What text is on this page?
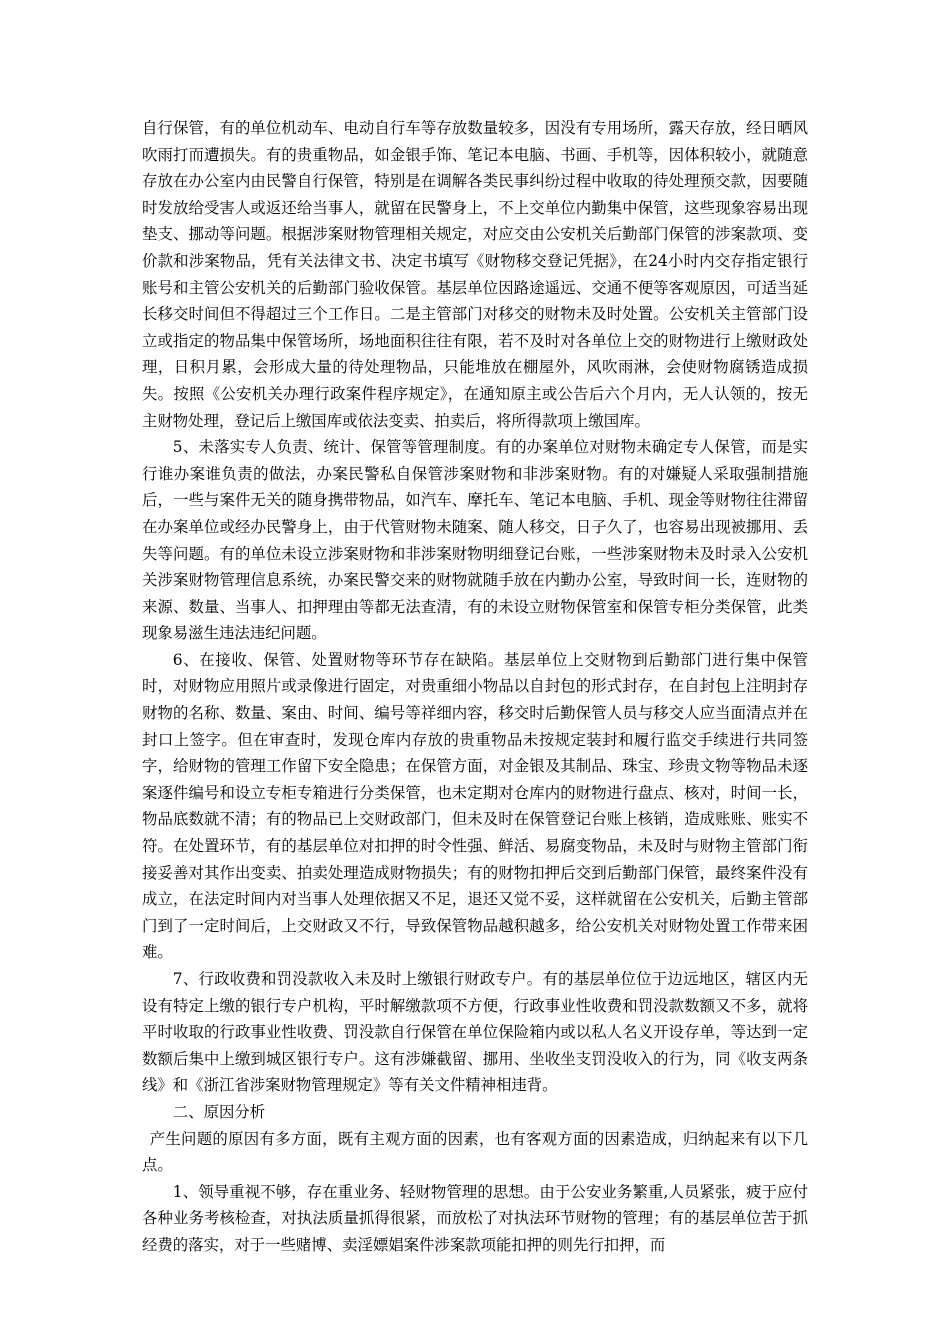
自行保管，有的单位机动车、电动自行车等存放数量较多，因没有专用场所，露天存放，经日晒风吹雨打而遭损失。有的贵重物品，如金银手饰、笔记本电脑、书画、手机等，因体积较小，就随意存放在办公室内由民警自行保管，特别是在调解各类民事纠纷过程中收取的待处理预交款，因要随时发放给受害人或返还给当事人，就留在民警身上，不上交单位内勤集中保管，这些现象容易出现垫支、挪动等问题。根据涉案财物管理相关规定，对应交由公安机关后勤部门保管的涉案款项、变价款和涉案物品，凭有关法律文书、决定书填写《财物移交登记凭据》，在24小时内交存指定银行账号和主管公安机关的后勤部门验收保管。基层单位因路途遥远、交通不便等客观原因，可适当延长移交时间但不得超过三个工作日。二是主管部门对移交的财物未及时处置。公安机关主管部门设立或指定的物品集中保管场所，场地面积往往有限，若不及时对各单位上交的财物进行上缴财政处理，日积月累，会形成大量的待处理物品，只能堆放在棚屋外，风吹雨淋，会使财物腐锈造成损失。按照《公安机关办理行政案件程序规定》，在通知原主或公告后六个月内，无人认领的，按无主财物处理，登记后上缴国库或依法变卖、拍卖后，将所得款项上缴国库。

5、未落实专人负责、统计、保管等管理制度。有的办案单位对财物未确定专人保管，而是实行谁办案谁负责的做法，办案民警私自保管涉案财物和非涉案财物。有的对嫌疑人采取强制措施后，一些与案件无关的随身携带物品，如汽车、摩托车、笔记本电脑、手机、现金等财物往往滞留在办案单位或经办民警身上，由于代管财物未随案、随人移交，日子久了，也容易出现被挪用、丢失等问题。有的单位未设立涉案财物和非涉案财物明细登记台账，一些涉案财物未及时录入公安机关涉案财物管理信息系统，办案民警交来的财物就随手放在内勤办公室，导致时间一长，连财物的来源、数量、当事人、扣押理由等都无法查清，有的未设立财物保管室和保管专柜分类保管，此类现象易滋生违法违纪问题。

6、在接收、保管、处置财物等环节存在缺陷。基层单位上交财物到后勤部门进行集中保管时，对财物应用照片或录像进行固定，对贵重细小物品以自封包的形式封存，在自封包上注明封存财物的名称、数量、案由、时间、编号等祥细内容，移交时后勤保管人员与移交人应当面清点并在封口上签字。但在审查时，发现仓库内存放的贵重物品未按规定装封和履行监交手续进行共同签字，给财物的管理工作留下安全隐患；在保管方面，对金银及其制品、珠宝、珍贵文物等物品未逐案逐件编号和设立专柜专箱进行分类保管，也未定期对仓库内的财物进行盘点、核对，时间一长，物品底数就不清；有的物品已上交财政部门，但未及时在保管登记台账上核销，造成账账、账实不符。在处置环节，有的基层单位对扣押的时令性强、鲜活、易腐变物品，未及时与财物主管部门衔接妥善对其作出变卖、拍卖处理造成财物损失；有的财物扣押后交到后勤部门保管，最终案件没有成立，在法定时间内对当事人处理依据又不足，退还又觉不妥，这样就留在公安机关，后勤主管部门到了一定时间后，上交财政又不行，导致保管物品越积越多，给公安机关对财物处置工作带来困难。

7、行政收费和罚没款收入未及时上缴银行财政专户。有的基层单位位于边远地区，辖区内无设有特定上缴的银行专户机构，平时解缴款项不方便，行政事业性收费和罚没款数额又不多，就将平时收取的行政事业性收费、罚没款自行保管在单位保险箱内或以私人名义开设存单，等达到一定数额后集中上缴到城区银行专户。这有涉嫌截留、挪用、坐收坐支罚没收入的行为，同《收支两条线》和《浙江省涉案财物管理规定》等有关文件精神相违背。

二、原因分析

产生问题的原因有多方面，既有主观方面的因素，也有客观方面的因素造成，归纳起来有以下几点。

1、领导重视不够，存在重业务、轻财物管理的思想。由于公安业务繁重,人员紧张，疲于应付各种业务考核检查，对执法质量抓得很紧，而放松了对执法环节财物的管理；有的基层单位苦于抓经费的落实，对于一些赌博、卖淫嫖娼案件涉案款项能扣押的则先行扣押，而
